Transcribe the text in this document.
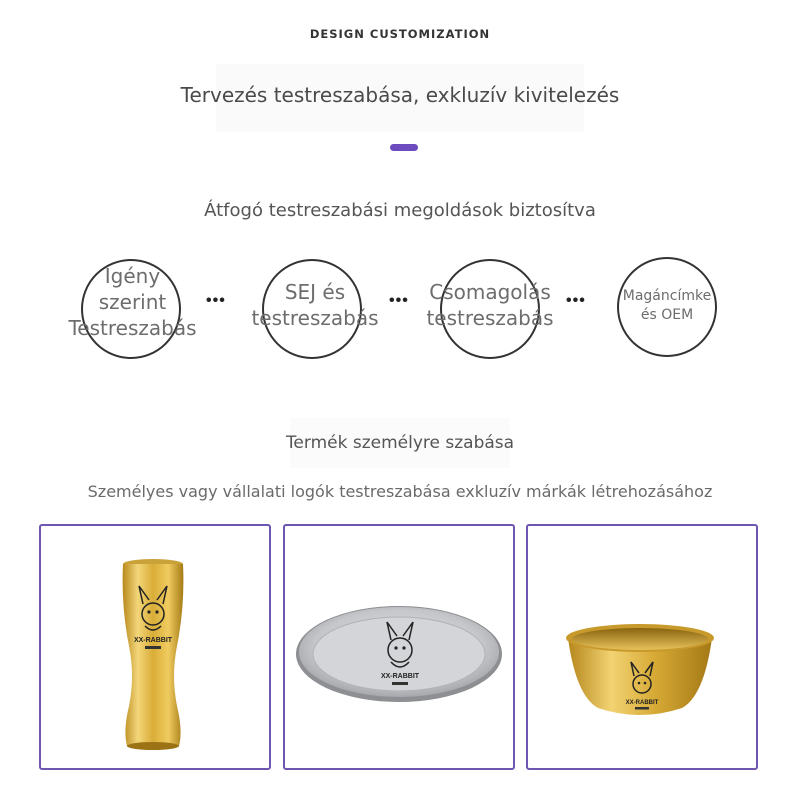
DESIGN CUSTOMIZATION
Tervezés testreszabása, exkluzív kivitelezés
Átfogó testreszabási megoldások biztosítva
Igény
szerint
Testreszabás
•••	SEJ és
testreszabás
•••	Csomagolás
testreszabás
•••	Magáncímke
és OEM
Termék személyre szabása
Személyes vagy vállalati logók testreszabása exkluzív márkák létrehozásához
XX-RABBIT
XX-RABBIT
XX-RABBIT
